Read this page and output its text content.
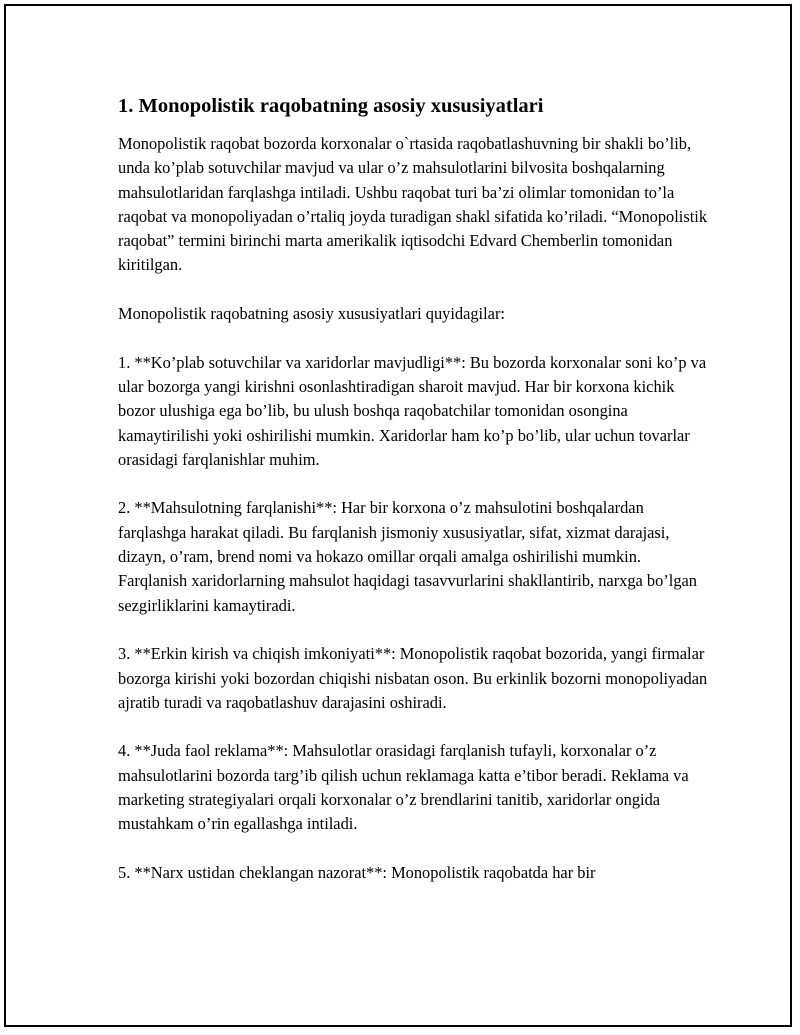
1. Monopolistik raqobatning asosiy xususiyatlari

Monopolistik raqobat bozorda korxonalar o`rtasida raqobatlashuvning bir shakli bo’lib, unda ko’plab sotuvchilar mavjud va ular o’z mahsulotlarini bilvosita boshqalarning mahsulotlaridan farqlashga intiladi. Ushbu raqobat turi ba’zi olimlar tomonidan to’la raqobat va monopoliyadan o’rtaliq joyda turadigan shakl sifatida ko’riladi. “Monopolistik raqobat” termini birinchi marta amerikalik iqtisodchi Edvard Chemberlin tomonidan kiritilgan.

Monopolistik raqobatning asosiy xususiyatlari quyidagilar:

1. **Ko’plab sotuvchilar va xaridorlar mavjudligi**: Bu bozorda korxonalar soni ko’p va ular bozorga yangi kirishni osonlashtiradigan sharoit mavjud. Har bir korxona kichik bozor ulushiga ega bo’lib, bu ulush boshqa raqobatchilar tomonidan osongina kamaytirilishi yoki oshirilishi mumkin. Xaridorlar ham ko’p bo’lib, ular uchun tovarlar orasidagi farqlanishlar muhim.

2. **Mahsulotning farqlanishi**: Har bir korxona o’z mahsulotini boshqalardan farqlashga harakat qiladi. Bu farqlanish jismoniy xususiyatlar, sifat, xizmat darajasi, dizayn, o’ram, brend nomi va hokazo omillar orqali amalga oshirilishi mumkin. Farqlanish xaridorlarning mahsulot haqidagi tasavvurlarini shakllantirib, narxga bo’lgan sezgirliklarini kamaytiradi.

3. **Erkin kirish va chiqish imkoniyati**: Monopolistik raqobat bozorida, yangi firmalar bozorga kirishi yoki bozordan chiqishi nisbatan oson. Bu erkinlik bozorni monopoliyadan ajratib turadi va raqobatlashuv darajasini oshiradi.

4. **Juda faol reklama**: Mahsulotlar orasidagi farqlanish tufayli, korxonalar o’z mahsulotlarini bozorda targ’ib qilish uchun reklamaga katta e’tibor beradi. Reklama va marketing strategiyalari orqali korxonalar o’z brendlarini tanitib, xaridorlar ongida mustahkam o’rin egallashga intiladi.

5. **Narx ustidan cheklangan nazorat**: Monopolistik raqobatda har bir
